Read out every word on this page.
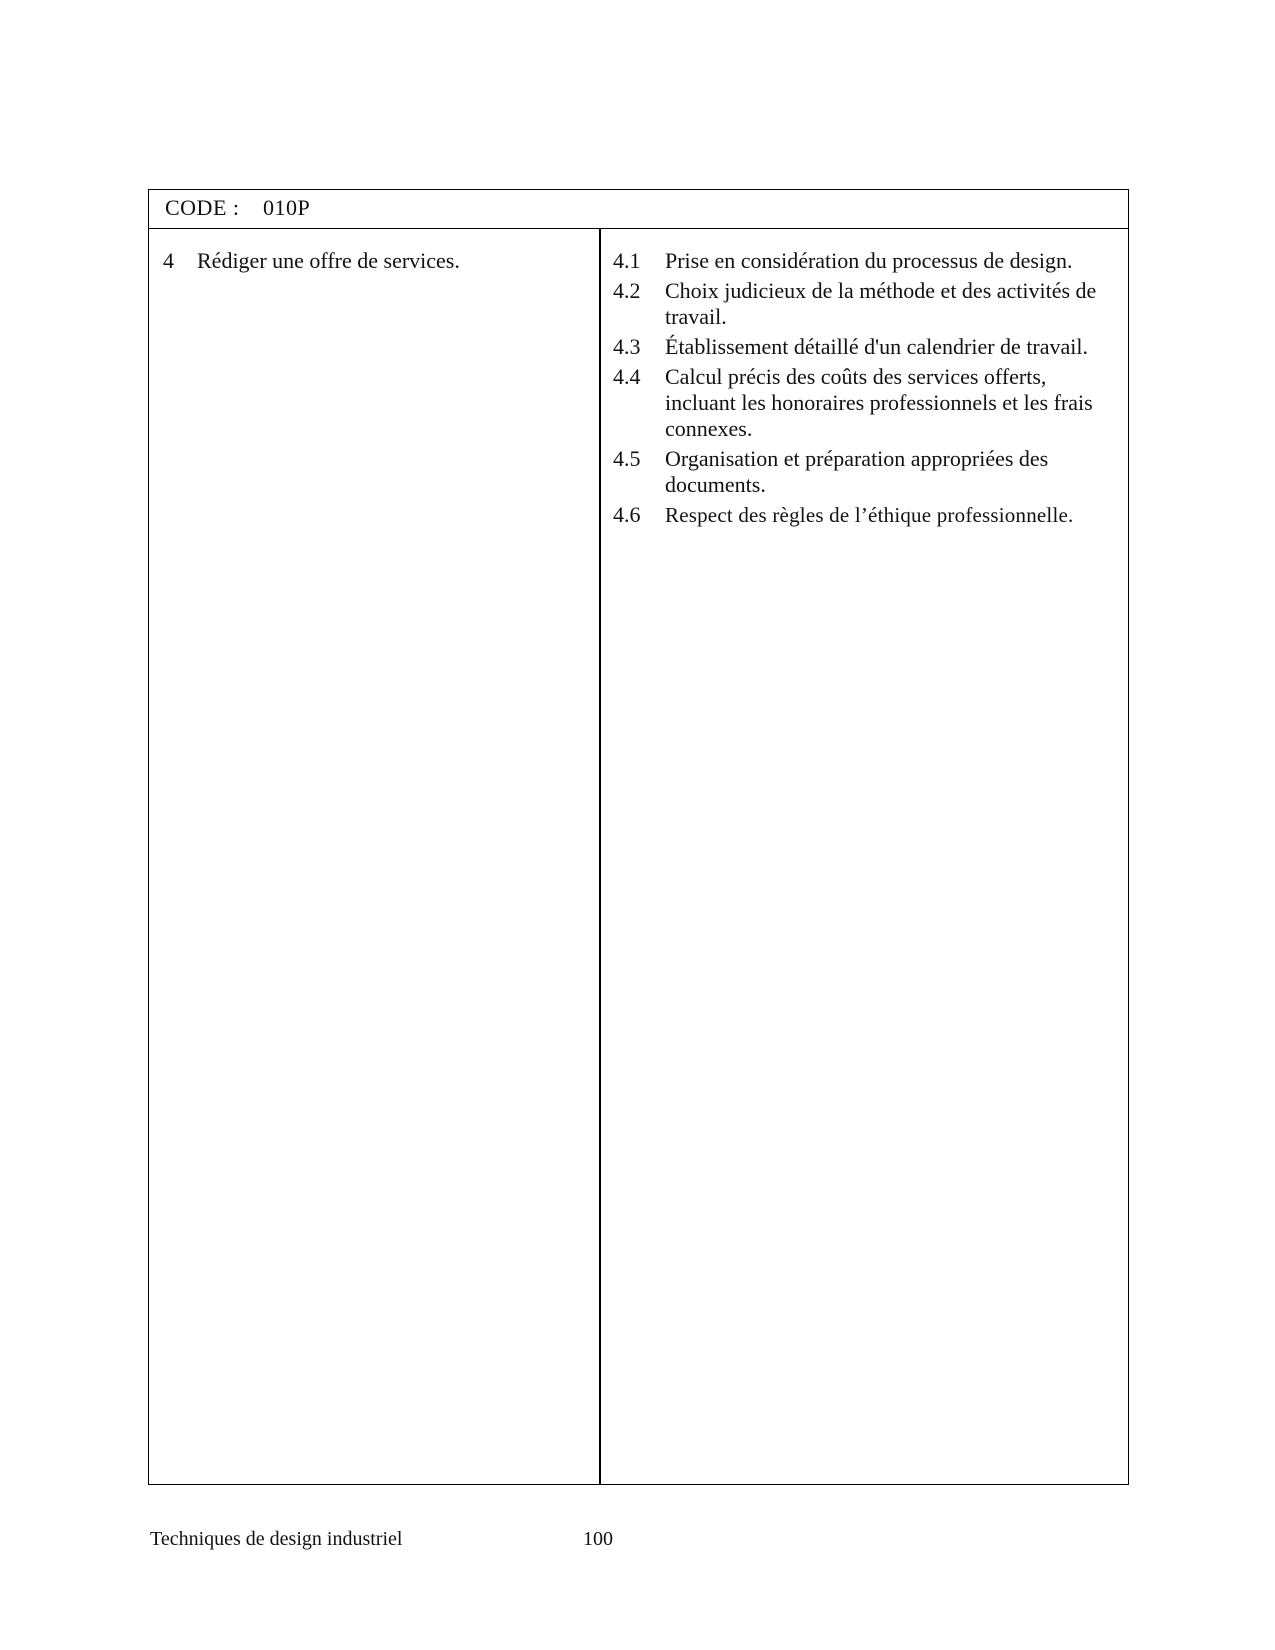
CODE : 010P
4 Rédiger une offre de services.	4.1	Prise en considération du processus de design.
4.2	Choix judicieux de la méthode et des activités de travail.
4.3	Établissement détaillé d'un calendrier de travail.
4.4	Calcul précis des coûts des services offerts, incluant les honoraires professionnels et les frais connexes.
4.5	Organisation et préparation appropriées des documents.
4.6	Respect des règles de l’éthique professionnelle.
Techniques de design industriel	100
